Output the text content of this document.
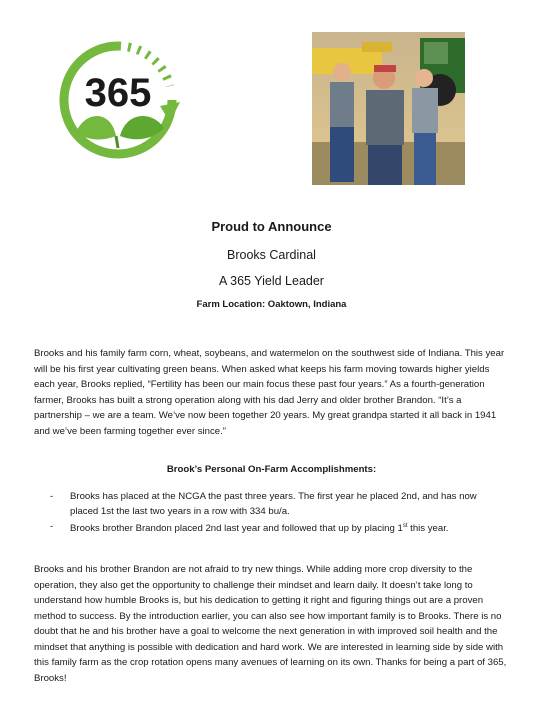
365
Proud to Announce
Brooks Cardinal
A 365 Yield Leader
Farm Location: Oaktown, Indiana
Brooks and his family farm corn, wheat, soybeans, and watermelon on the southwest side of Indiana. This year will be his first year cultivating green beans. When asked what keeps his farm moving towards higher yields each year, Brooks replied, “Fertility has been our main focus these past four years.” As a fourth-generation farmer, Brooks has built a strong operation along with his dad Jerry and older brother Brandon. “It’s a partnership – we are a team. We’ve now been together 20 years. My great grandpa started it all back in 1941 and we’ve been farming together ever since.”
Brook’s Personal On-Farm Accomplishments:
- Brooks has placed at the NCGA the past three years. The first year he placed 2nd, and has now placed 1st the last two years in a row with 334 bu/a.
- Brooks brother Brandon placed 2nd last year and followed that up by placing 1st this year.
Brooks and his brother Brandon are not afraid to try new things. While adding more crop diversity to the operation, they also get the opportunity to challenge their mindset and learn daily. It doesn’t take long to understand how humble Brooks is, but his dedication to getting it right and figuring things out are a proven method to success. By the introduction earlier, you can also see how important family is to Brooks. There is no doubt that he and his brother have a goal to welcome the next generation in with improved soil health and the mindset that anything is possible with dedication and hard work. We are interested in learning side by side with this family farm as the crop rotation opens many avenues of learning on its own. Thanks for being a part of 365, Brooks!
